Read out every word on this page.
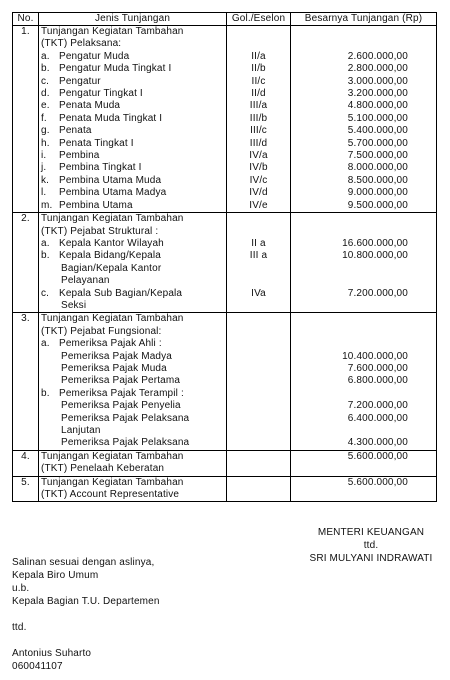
No.	Jenis Tunjangan	Gol./Eselon	Besarnya Tunjangan (Rp)
1.	Tunjangan Kegiatan Tambahan		
	(TKT) Pelaksana:		
	a. Pengatur Muda	II/a	2.600.000,00
	b. Pengatur Muda Tingkat I	II/b	2.800.000,00
	c. Pengatur	II/c	3.000.000,00
	d. Pengatur Tingkat I	II/d	3.200.000,00
	e. Penata Muda	III/a	4.800.000,00
	f. Penata Muda Tingkat I	III/b	5.100.000,00
	g. Penata	III/c	5.400.000,00
	h. Penata Tingkat I	III/d	5.700.000,00
	i. Pembina	IV/a	7.500.000,00
	j. Pembina Tingkat I	IV/b	8.000.000,00
	k. Pembina Utama Muda	IV/c	8.500.000,00
	l. Pembina Utama Madya	IV/d	9.000.000,00
	m. Pembina Utama	IV/e	9.500.000,00
2.	Tunjangan Kegiatan Tambahan		
	(TKT) Pejabat Struktural :		
	a. Kepala Kantor Wilayah	II a	16.600.000,00
	b. Kepala Bidang/Kepala	III a	10.800.000,00
	Bagian/Kepala Kantor		
	Pelayanan		
	c. Kepala Sub Bagian/Kepala	IVa	7.200.000,00
	Seksi		
3.	Tunjangan Kegiatan Tambahan		
	(TKT) Pejabat Fungsional:		
	a. Pemeriksa Pajak Ahli :		
	Pemeriksa Pajak Madya		10.400.000,00
	Pemeriksa Pajak Muda		7.600.000,00
	Pemeriksa Pajak Pertama		6.800.000,00
	b. Pemeriksa Pajak Terampil :		
	Pemeriksa Pajak Penyelia		7.200.000,00
	Pemeriksa Pajak Pelaksana		6.400.000,00
	Lanjutan		
	Pemeriksa Pajak Pelaksana		4.300.000,00
4.	Tunjangan Kegiatan Tambahan		5.600.000,00
	(TKT) Penelaah Keberatan		
5.	Tunjangan Kegiatan Tambahan		5.600.000,00
	(TKT) Account Representative		
MENTERI KEUANGAN
ttd.
SRI MULYANI INDRAWATI
Salinan sesuai dengan aslinya,
Kepala Biro Umum
u.b.
Kepala Bagian T.U. Departemen
ttd.
Antonius Suharto
060041107
